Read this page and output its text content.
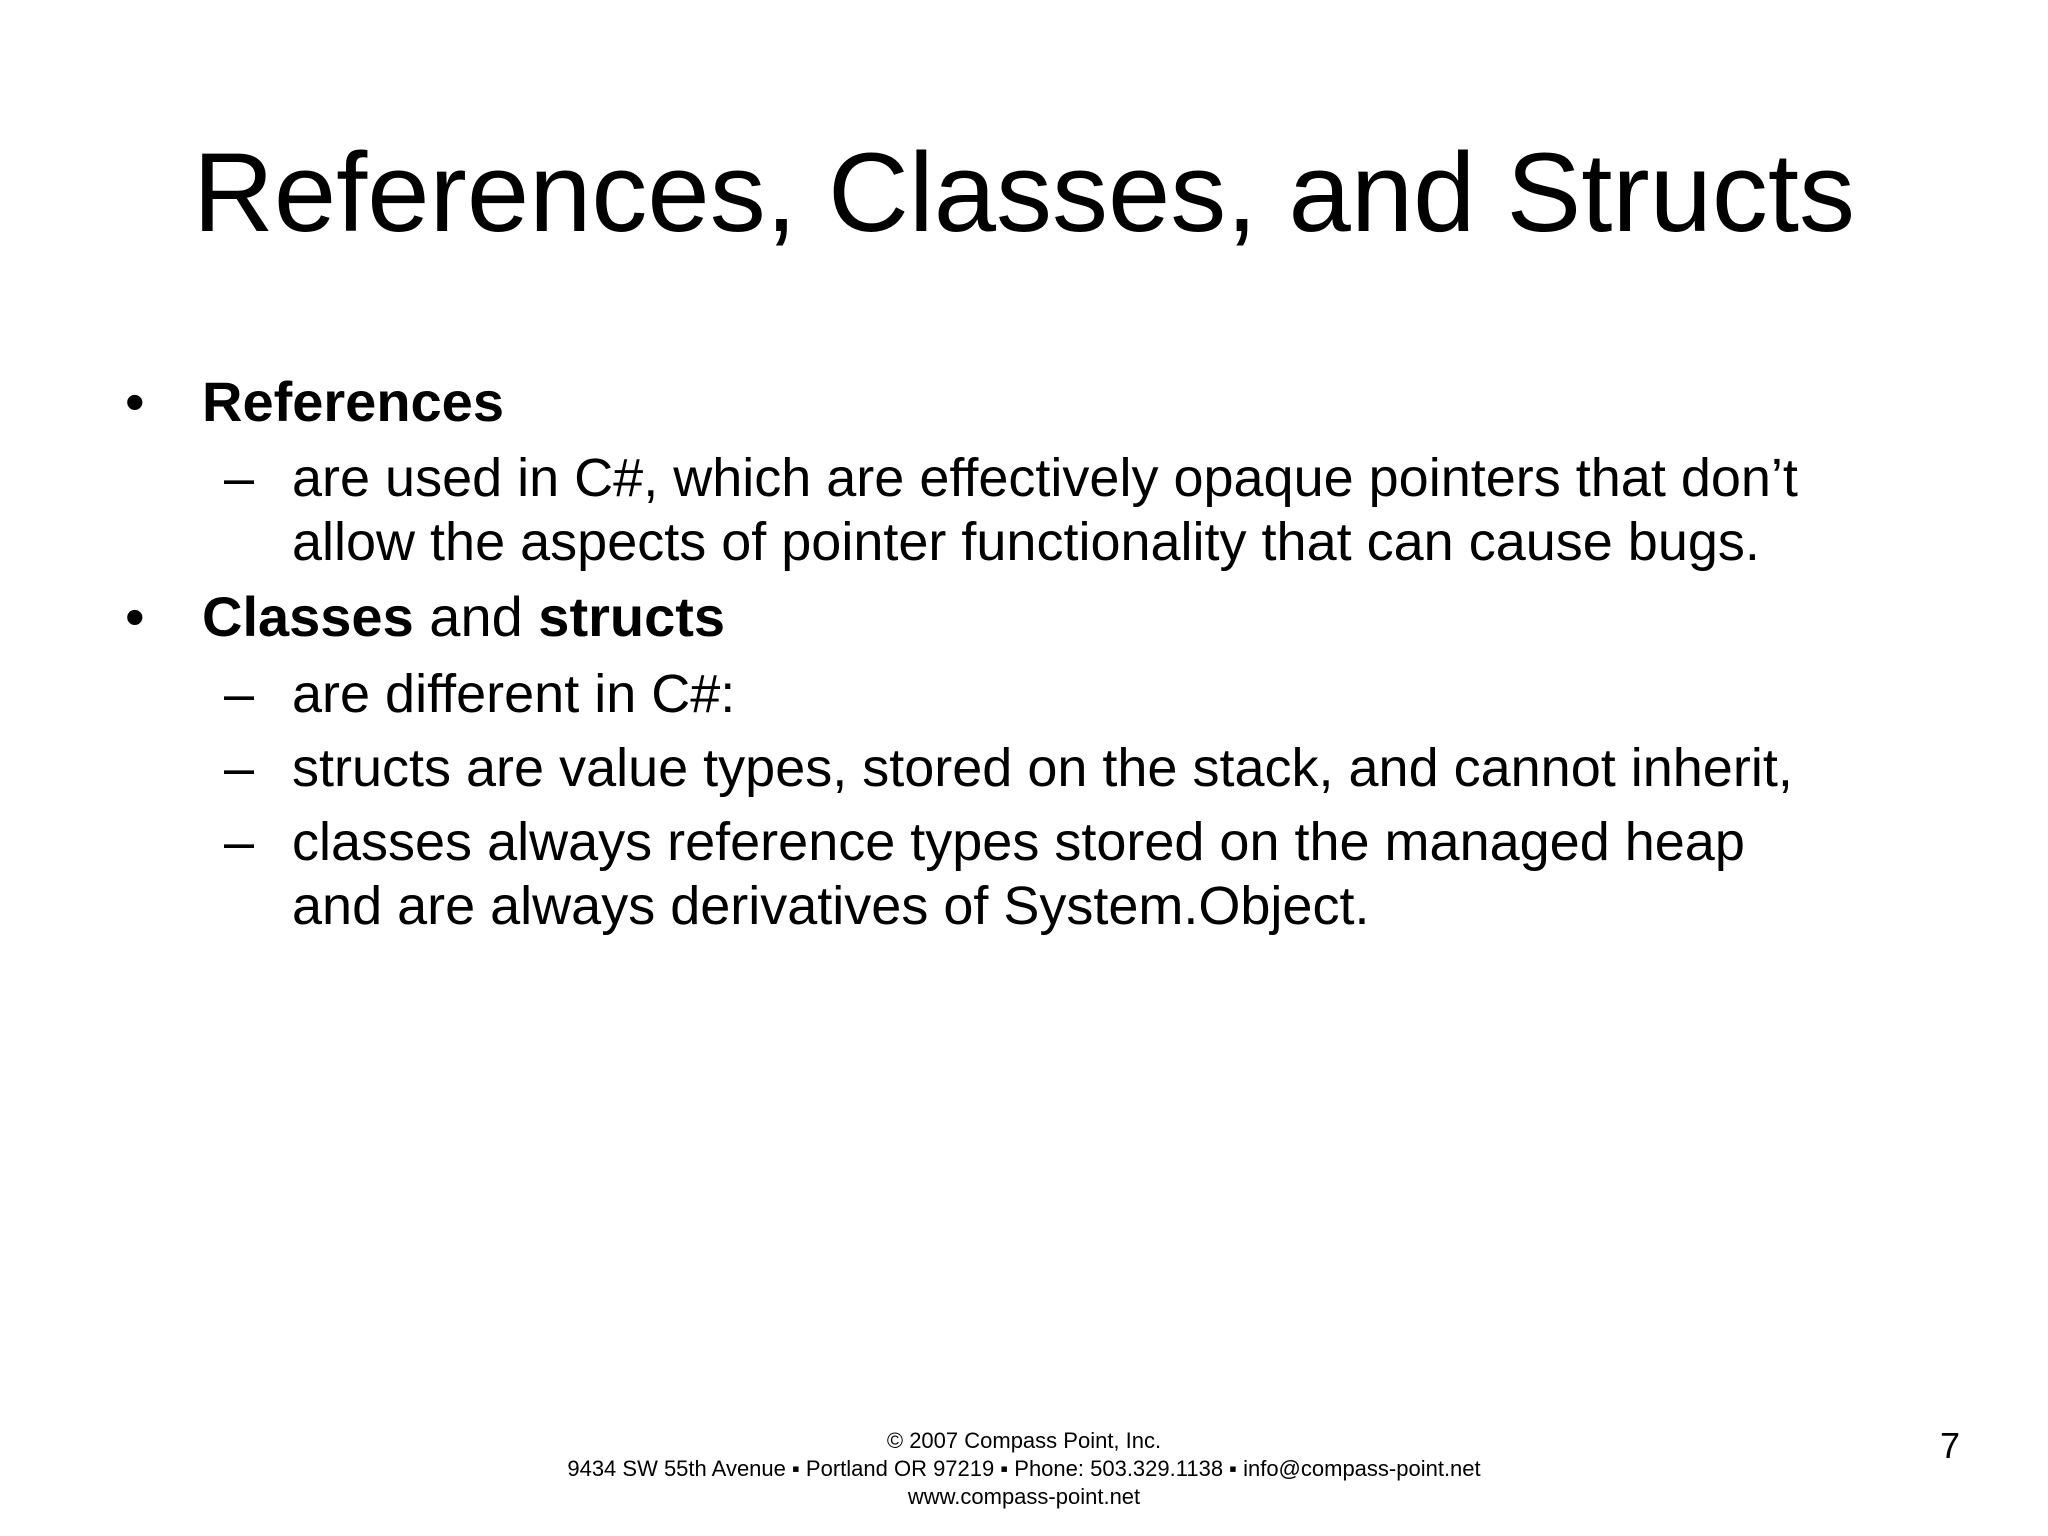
References, Classes, and Structs
• References
– are used in C#, which are effectively opaque pointers that don’t
allow the aspects of pointer functionality that can cause bugs.
• Classes and structs
– are different in C#:
– structs are value types, stored on the stack, and cannot inherit,
– classes always reference types stored on the managed heap
and are always derivatives of System.Object.
© 2007 Compass Point, Inc.
9434 SW 55th Avenue ▪ Portland OR 97219 ▪ Phone: 503.329.1138 ▪ info@compass-point.net
www.compass-point.net
7
